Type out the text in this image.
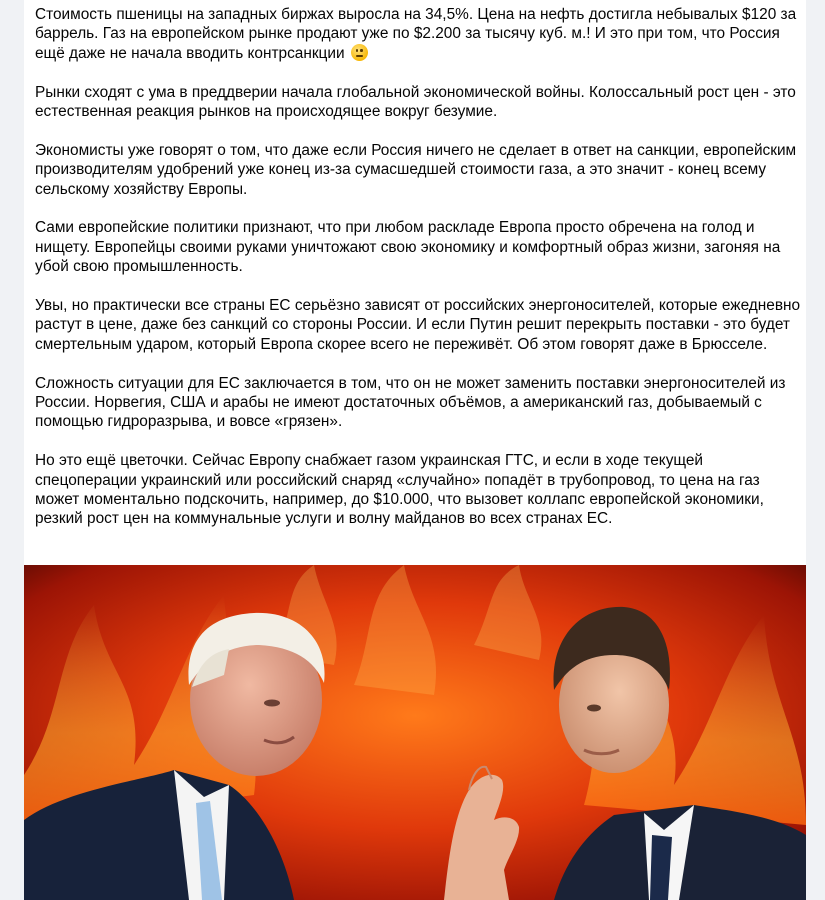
Стоимость пшеницы на западных биржах выросла на 34,5%. Цена на нефть достигла небывалых $120 за баррель. Газ на европейском рынке продают уже по $2.200 за тысячу куб. м.! И это при том, что Россия ещё даже не начала вводить контрсанкции

Рынки сходят с ума в преддверии начала глобальной экономической войны. Колоссальный рост цен - это естественная реакция рынков на происходящее вокруг безумие.

Экономисты уже говорят о том, что даже если Россия ничего не сделает в ответ на санкции, европейским производителям удобрений уже конец из-за сумасшедшей стоимости газа, а это значит - конец всему сельскому хозяйству Европы.

Сами европейские политики признают, что при любом раскладе Европа просто обречена на голод и нищету. Европейцы своими руками уничтожают свою экономику и комфортный образ жизни, загоняя на убой свою промышленность.

Увы, но практически все страны ЕС серьёзно зависят от российских энергоносителей, которые ежедневно растут в цене, даже без санкций со стороны России. И если Путин решит перекрыть поставки - это будет смертельным ударом, который Европа скорее всего не переживёт. Об этом говорят даже в Брюсселе.

Сложность ситуации для ЕС заключается в том, что он не может заменить поставки энергоносителей из России. Норвегия, США и арабы не имеют достаточных объёмов, а американский газ, добываемый с помощью гидроразрыва, и вовсе «грязен».

Но это ещё цветочки. Сейчас Европу снабжает газом украинская ГТС, и если в ходе текущей спецоперации украинский или российский снаряд «случайно» попадёт в трубопровод, то цена на газ может моментально подскочить, например, до $10.000, что вызовет коллапс европейской экономики, резкий рост цен на коммунальные услуги и волну майданов во всех странах ЕС.
